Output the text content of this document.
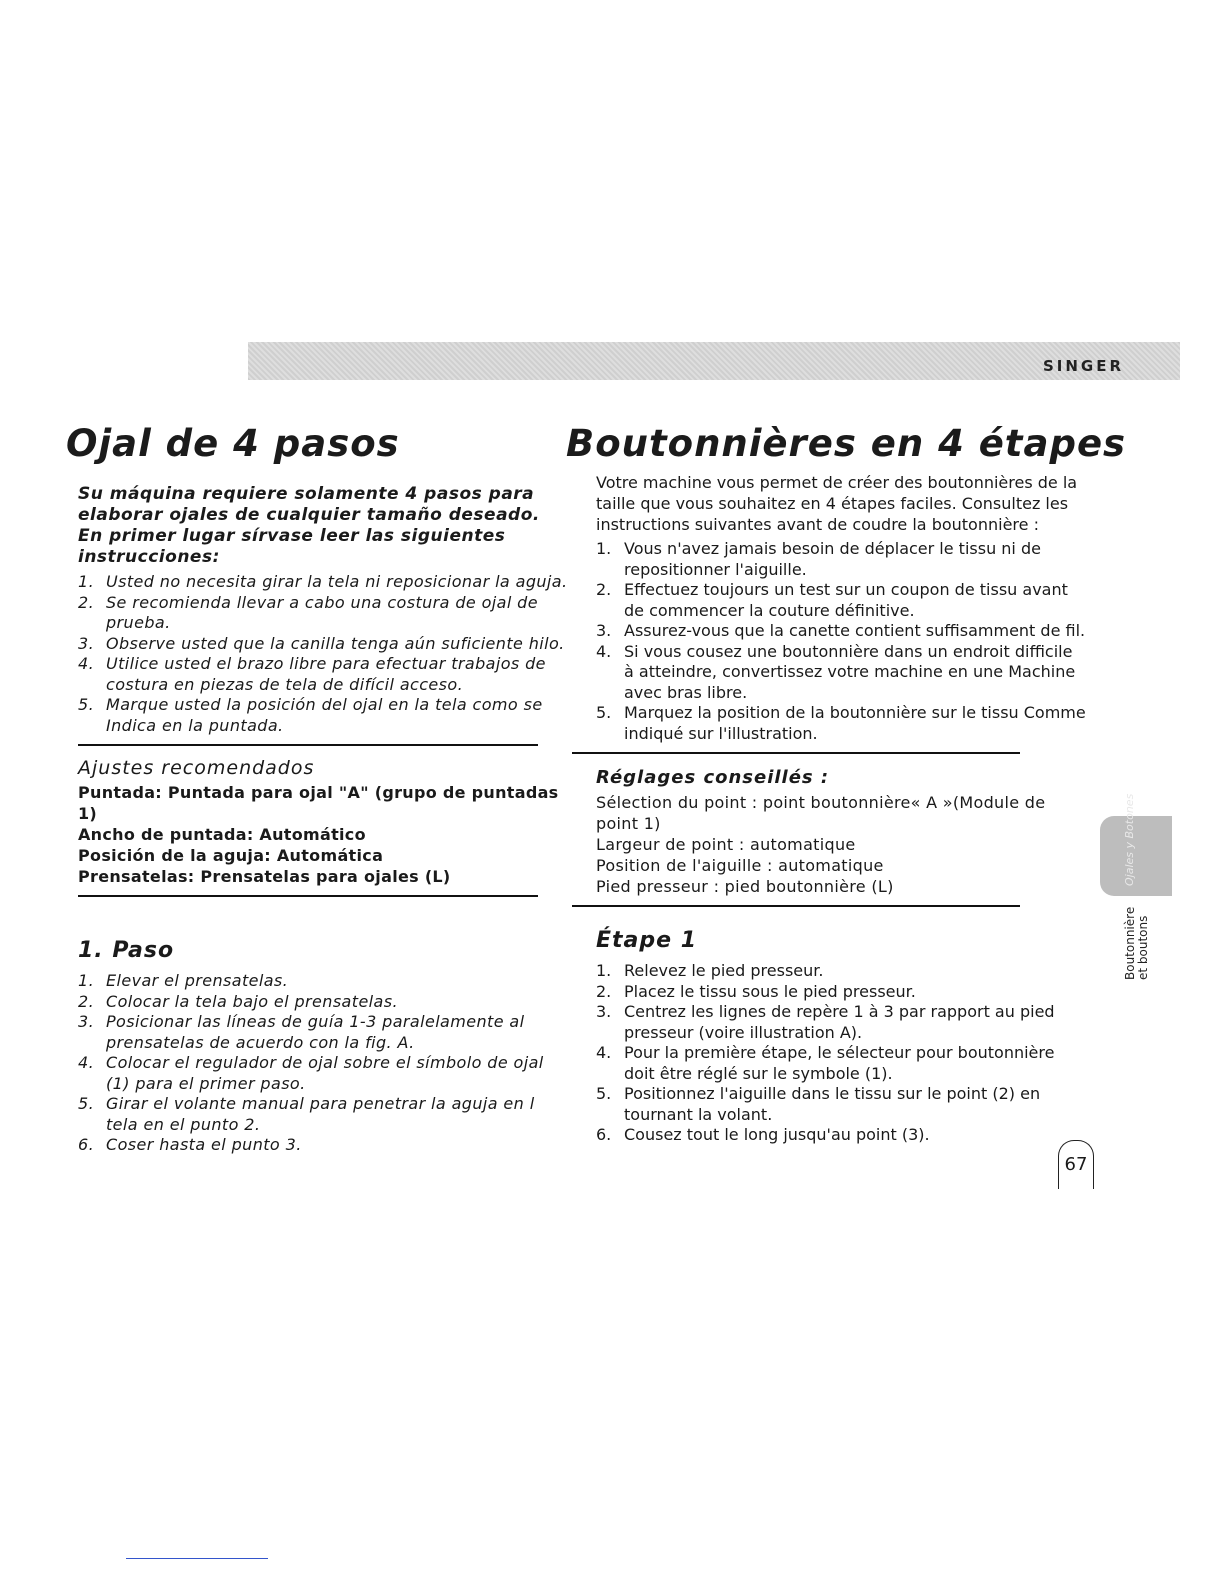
SINGER
Ojal de 4 pasos	Boutonnières en 4 étapes

Su máquina requiere solamente 4 pasos para elaborar ojales de cualquier tamaño deseado. En primer lugar sírvase leer las siguientes instrucciones:

1. Usted no necesita girar la tela ni reposicionar la aguja.
2. Se recomienda llevar a cabo una costura de ojal de prueba.
3. Observe usted que la canilla tenga aún suficiente hilo.
4. Utilice usted el brazo libre para efectuar trabajos de costura en piezas de tela de difícil acceso.
5. Marque usted la posición del ojal en la tela como se Indica en la puntada.
Ajustes recomendados
Puntada: Puntada para ojal "A" (grupo de puntadas 1)
Ancho de puntada: Automático
Posición de la aguja: Automática
Prensatelas: Prensatelas para ojales (L)
1. Paso
1. Elevar el prensatelas.
2. Colocar la tela bajo el prensatelas.
3. Posicionar las líneas de guía 1-3 paralelamente al prensatelas de acuerdo con la fig. A.
4. Colocar el regulador de ojal sobre el símbolo de ojal (1) para el primer paso.
5. Girar el volante manual para penetrar la aguja en l tela en el punto 2.
6. Coser hasta el punto 3.

Votre machine vous permet de créer des boutonnières de la taille que vous souhaitez en 4 étapes faciles. Consultez les instructions suivantes avant de coudre la boutonnière :

1. Vous n'avez jamais besoin de déplacer le tissu ni de repositionner l'aiguille.
2. Effectuez toujours un test sur un coupon de tissu avant de commencer la couture définitive.
3. Assurez-vous que la canette contient suffisamment de fil.
4. Si vous cousez une boutonnière dans un endroit difficile à atteindre, convertissez votre machine en une Machine avec bras libre.
5. Marquez la position de la boutonnière sur le tissu Comme indiqué sur l'illustration.
Réglages conseillés :
Sélection du point : point boutonnière« A »(Module de point 1)
Largeur de point : automatique
Position de l'aiguille : automatique
Pied presseur : pied boutonnière (L)
Étape 1
1. Relevez le pied presseur.
2. Placez le tissu sous le pied presseur.
3. Centrez les lignes de repère 1 à 3 par rapport au pied presseur (voire illustration A).
4. Pour la première étape, le sélecteur pour boutonnière doit être réglé sur le symbole (1).
5. Positionnez l'aiguille dans le tissu sur le point (2) en tournant la volant.
6. Cousez tout le long jusqu'au point (3).
Ojales y Botones
Boutonnière et boutons
67
